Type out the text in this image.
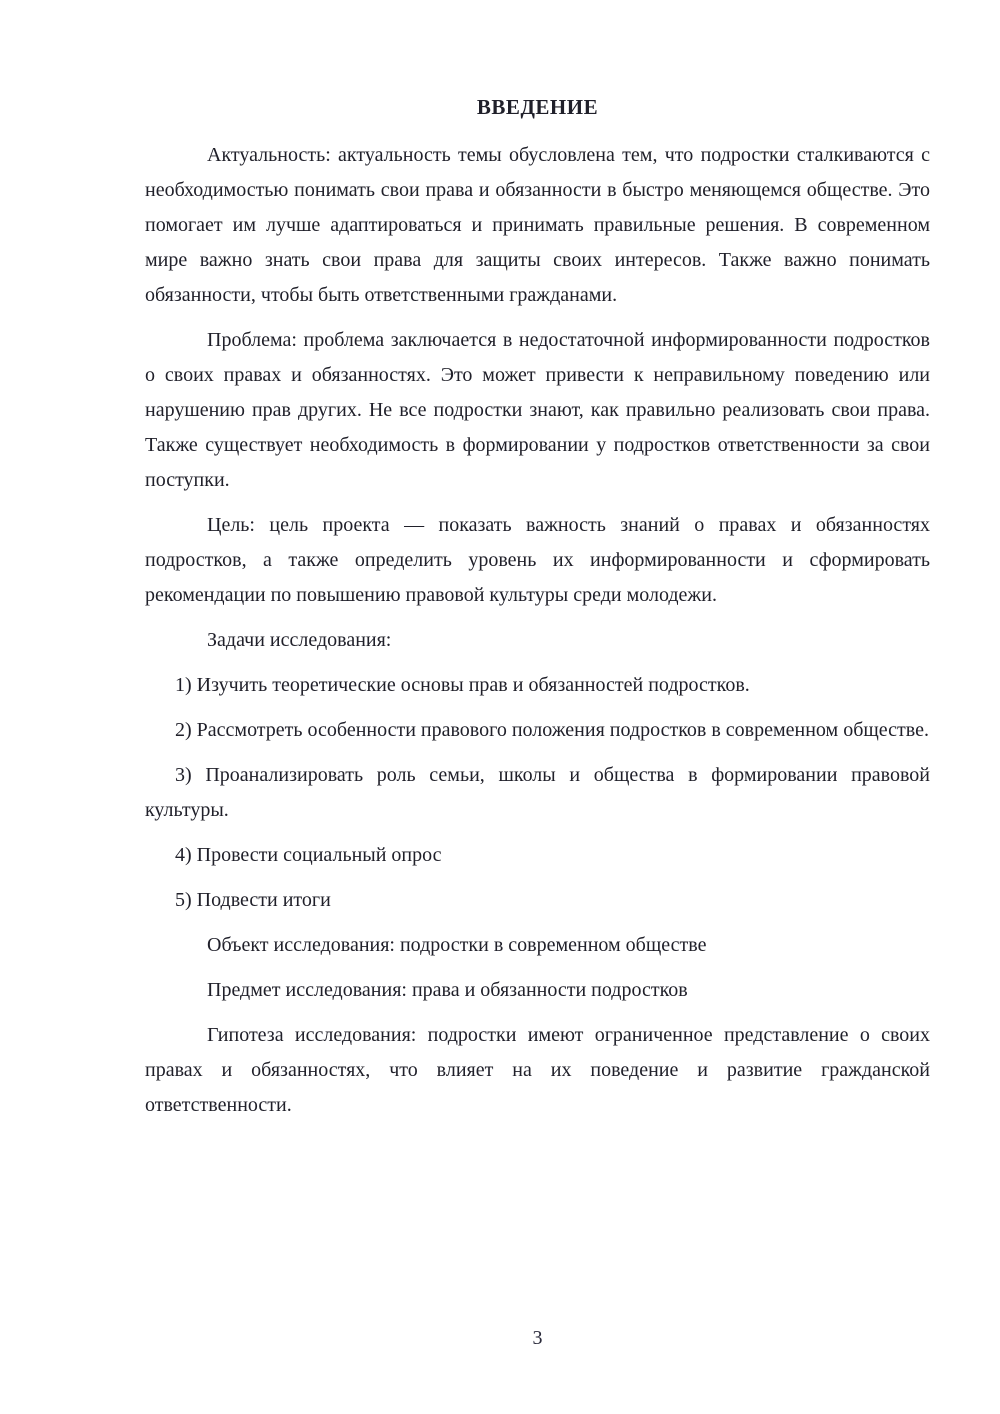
ВВЕДЕНИЕ

Актуальность: актуальность темы обусловлена тем, что подростки сталкиваются с необходимостью понимать свои права и обязанности в быстро меняющемся обществе. Это помогает им лучше адаптироваться и принимать правильные решения. В современном мире важно знать свои права для защиты своих интересов. Также важно понимать обязанности, чтобы быть ответственными гражданами.

Проблема: проблема заключается в недостаточной информированности подростков о своих правах и обязанностях. Это может привести к неправильному поведению или нарушению прав других. Не все подростки знают, как правильно реализовать свои права. Также существует необходимость в формировании у подростков ответственности за свои поступки.

Цель: цель проекта — показать важность знаний о правах и обязанностях подростков, а также определить уровень их информированности и сформировать рекомендации по повышению правовой культуры среди молодежи.

Задачи исследования:

1) Изучить теоретические основы прав и обязанностей подростков.

2) Рассмотреть особенности правового положения подростков в современном обществе.

3) Проанализировать роль семьи, школы и общества в формировании правовой культуры.

4) Провести социальный опрос

5) Подвести итоги

Объект исследования: подростки в современном обществе

Предмет исследования: права и обязанности подростков

Гипотеза исследования: подростки имеют ограниченное представление о своих правах и обязанностях, что влияет на их поведение и развитие гражданской ответственности.

3
